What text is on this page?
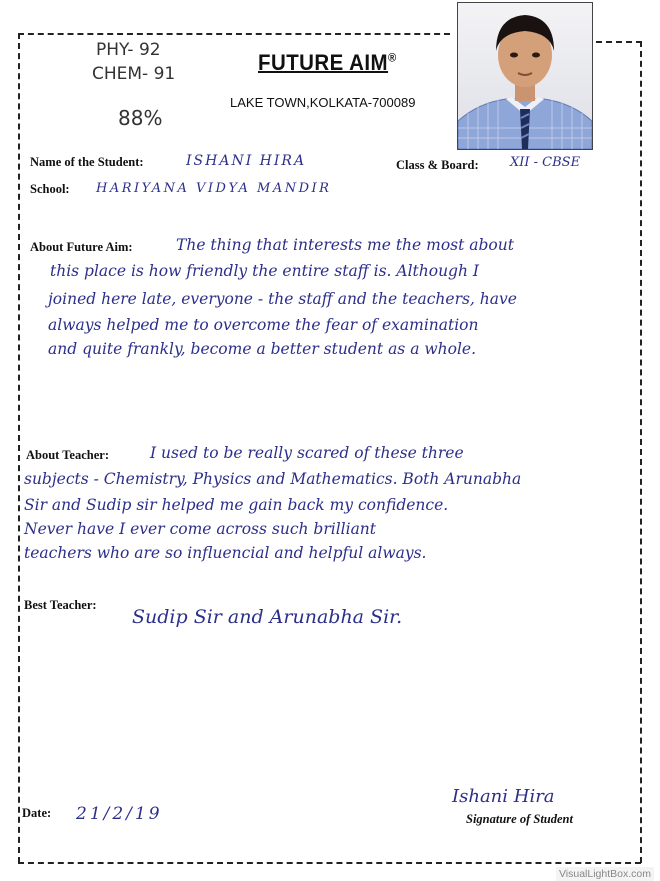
PHY- 92
CHEM- 91
88%
FUTURE AIM®
LAKE TOWN,KOLKATA-700089
Name of the Student:	ISHANI HIRA	Class & Board: XII - CBSE
School: HARIYANA VIDYA MANDIR
About Future Aim:	The thing that interests me the most about
this place is how friendly the entire staff is. Although I
joined here late, everyone - the staff and the teachers, have
always helped me to overcome the fear of examination
and quite frankly, become a better student as a whole.
About Teacher:	I used to be really scared of these three
subjects - Chemistry, Physics and Mathematics. Both Arunabha
Sir and Sudip sir helped me gain back my confidence.
Never have I ever come across such brilliant
teachers who are so influencial and helpful always.
Best Teacher:
Sudip Sir and Arunabha Sir.
Date: 21/2/19
Ishani Hira
Signature of Student
VisualLightBox.com
